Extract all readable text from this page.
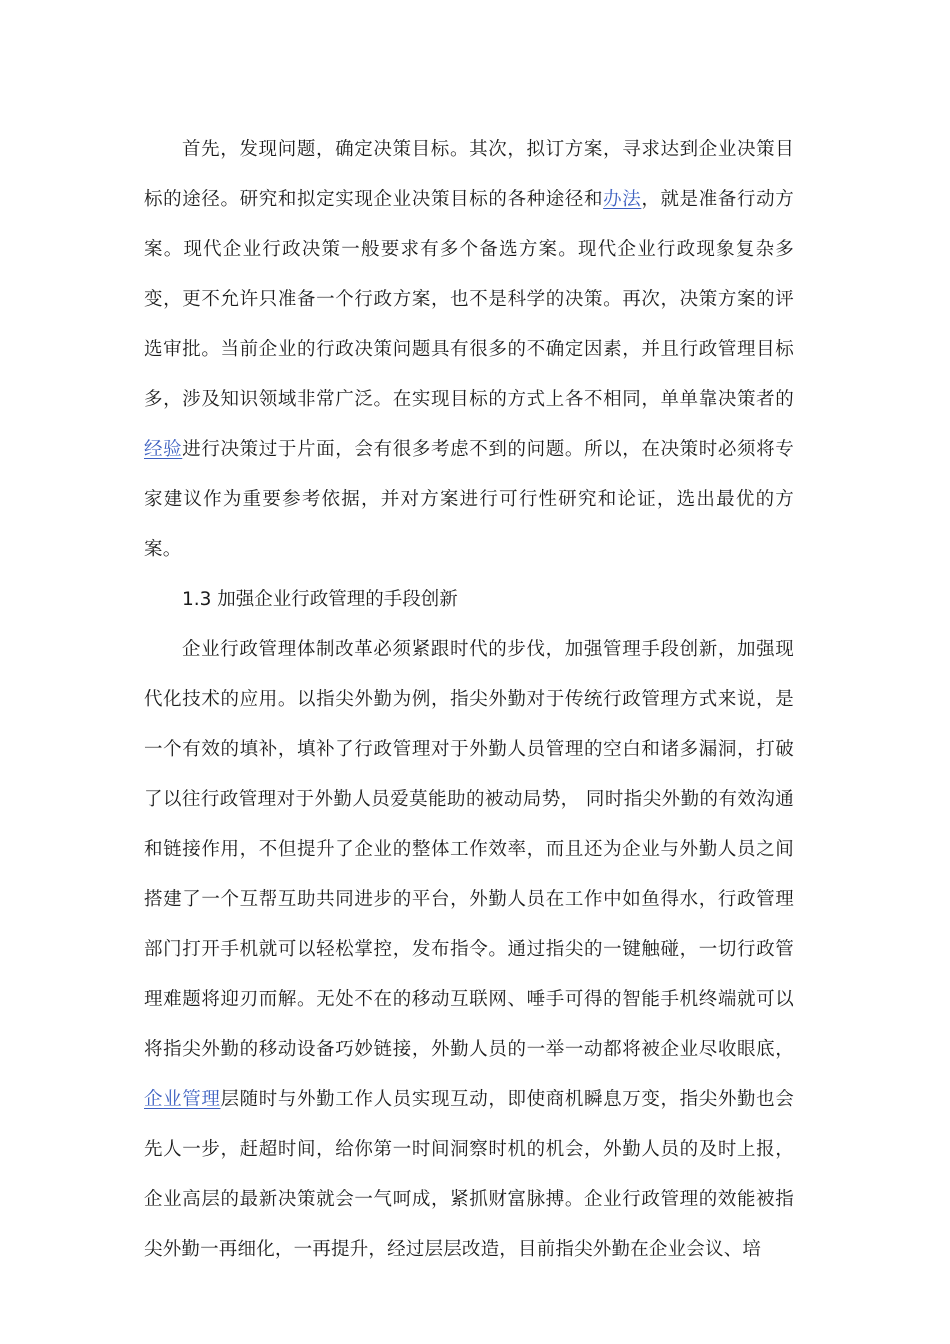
首先，发现问题，确定决策目标。其次，拟订方案，寻求达到企业决策目标的途径。研究和拟定实现企业决策目标的各种途径和办法，就是准备行动方案。现代企业行政决策一般要求有多个备选方案。现代企业行政现象复杂多变，更不允许只准备一个行政方案，也不是科学的决策。再次，决策方案的评选审批。当前企业的行政决策问题具有很多的不确定因素，并且行政管理目标多，涉及知识领域非常广泛。在实现目标的方式上各不相同，单单靠决策者的经验进行决策过于片面，会有很多考虑不到的问题。所以，在决策时必须将专家建议作为重要参考依据，并对方案进行可行性研究和论证，选出最优的方案。

1.3 加强企业行政管理的手段创新

企业行政管理体制改革必须紧跟时代的步伐，加强管理手段创新，加强现代化技术的应用。以指尖外勤为例，指尖外勤对于传统行政管理方式来说，是一个有效的填补，填补了行政管理对于外勤人员管理的空白和诸多漏洞，打破了以往行政管理对于外勤人员爱莫能助的被动局势， 同时指尖外勤的有效沟通和链接作用，不但提升了企业的整体工作效率，而且还为企业与外勤人员之间搭建了一个互帮互助共同进步的平台，外勤人员在工作中如鱼得水，行政管理部门打开手机就可以轻松掌控，发布指令。通过指尖的一键触碰，一切行政管理难题将迎刃而解。无处不在的移动互联网、唾手可得的智能手机终端就可以将指尖外勤的移动设备巧妙链接，外勤人员的一举一动都将被企业尽收眼底，企业管理层随时与外勤工作人员实现互动，即使商机瞬息万变，指尖外勤也会先人一步，赶超时间，给你第一时间洞察时机的机会，外勤人员的及时上报，企业高层的最新决策就会一气呵成，紧抓财富脉搏。企业行政管理的效能被指尖外勤一再细化，一再提升，经过层层改造，目前指尖外勤在企业会议、培
